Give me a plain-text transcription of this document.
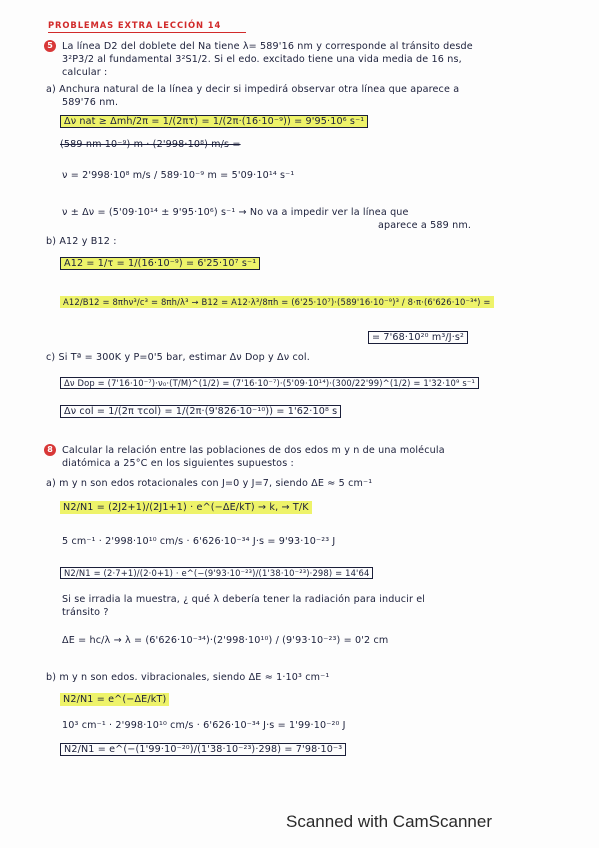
PROBLEMAS EXTRA LECCIÓN 14
5 La línea D2 del doblete del Na tiene λ= 589'16 nm y corresponde al tránsito desde
3²P3/2 al fundamental 3²S1/2. Si el edo. excitado tiene una vida media de 16 ns,
calcular :
a) Anchura natural de la línea y decir si impedirá observar otra línea que aparece a
589'76 nm.
Δν nat ≥ Δmh/2π = 1/(2πτ) = 1/(2π·(16·10⁻⁹)) = 9'95·10⁶ s⁻¹
(589 nm 10⁻⁹) m · (2'998·10⁸) m/s =
ν = 2'998·10⁸ m/s / 589·10⁻⁹ m = 5'09·10¹⁴ s⁻¹
ν ± Δν = (5'09·10¹⁴ ± 9'95·10⁶) s⁻¹ → No va a impedir ver la línea que
aparece a 589 nm.
b) A12 y B12 :
A12 = 1/τ = 1/(16·10⁻⁹) = 6'25·10⁷ s⁻¹
A12/B12 = 8πhν³/c³ = 8πh/λ³ → B12 = A12·λ³/8πh = (6'25·10⁷)·(589'16·10⁻⁹)³ / 8·π·(6'626·10⁻³⁴) =
= 7'68·10²⁰ m³/J·s²
c) Si Tª = 300K y P=0'5 bar, estimar Δν Dop y Δν col.
Δν Dop = (7'16·10⁻⁷)·ν₀·(T/M)^(1/2) = (7'16·10⁻⁷)·(5'09·10¹⁴)·(300/22'99)^(1/2) = 1'32·10⁹ s⁻¹
Δν col = 1/(2π τcol) = 1/(2π·(9'826·10⁻¹⁰)) = 1'62·10⁸ s
8 Calcular la relación entre las poblaciones de dos edos m y n de una molécula
diatómica a 25°C en los siguientes supuestos :
a) m y n son edos rotacionales con J=0 y J=7, siendo ΔE ≈ 5 cm⁻¹
N2/N1 = (2J2+1)/(2J1+1) · e^(−ΔE/kT) → k, → T/K
5 cm⁻¹ · 2'998·10¹⁰ cm/s · 6'626·10⁻³⁴ J·s = 9'93·10⁻²³ J
N2/N1 = (2·7+1)/(2·0+1) · e^(−(9'93·10⁻²³)/(1'38·10⁻²³)·298) = 14'64
Si se irradia la muestra, ¿ qué λ debería tener la radiación para inducir el
tránsito ?
ΔE = hc/λ → λ = (6'626·10⁻³⁴)·(2'998·10¹⁰) / (9'93·10⁻²³) = 0'2 cm
b) m y n son edos. vibracionales, siendo ΔE ≈ 1·10³ cm⁻¹
N2/N1 = e^(−ΔE/kT)
10³ cm⁻¹ · 2'998·10¹⁰ cm/s · 6'626·10⁻³⁴ J·s = 1'99·10⁻²⁰ J
N2/N1 = e^(−(1'99·10⁻²⁰)/(1'38·10⁻²³)·298) = 7'98·10⁻³
Scanned with CamScanner
